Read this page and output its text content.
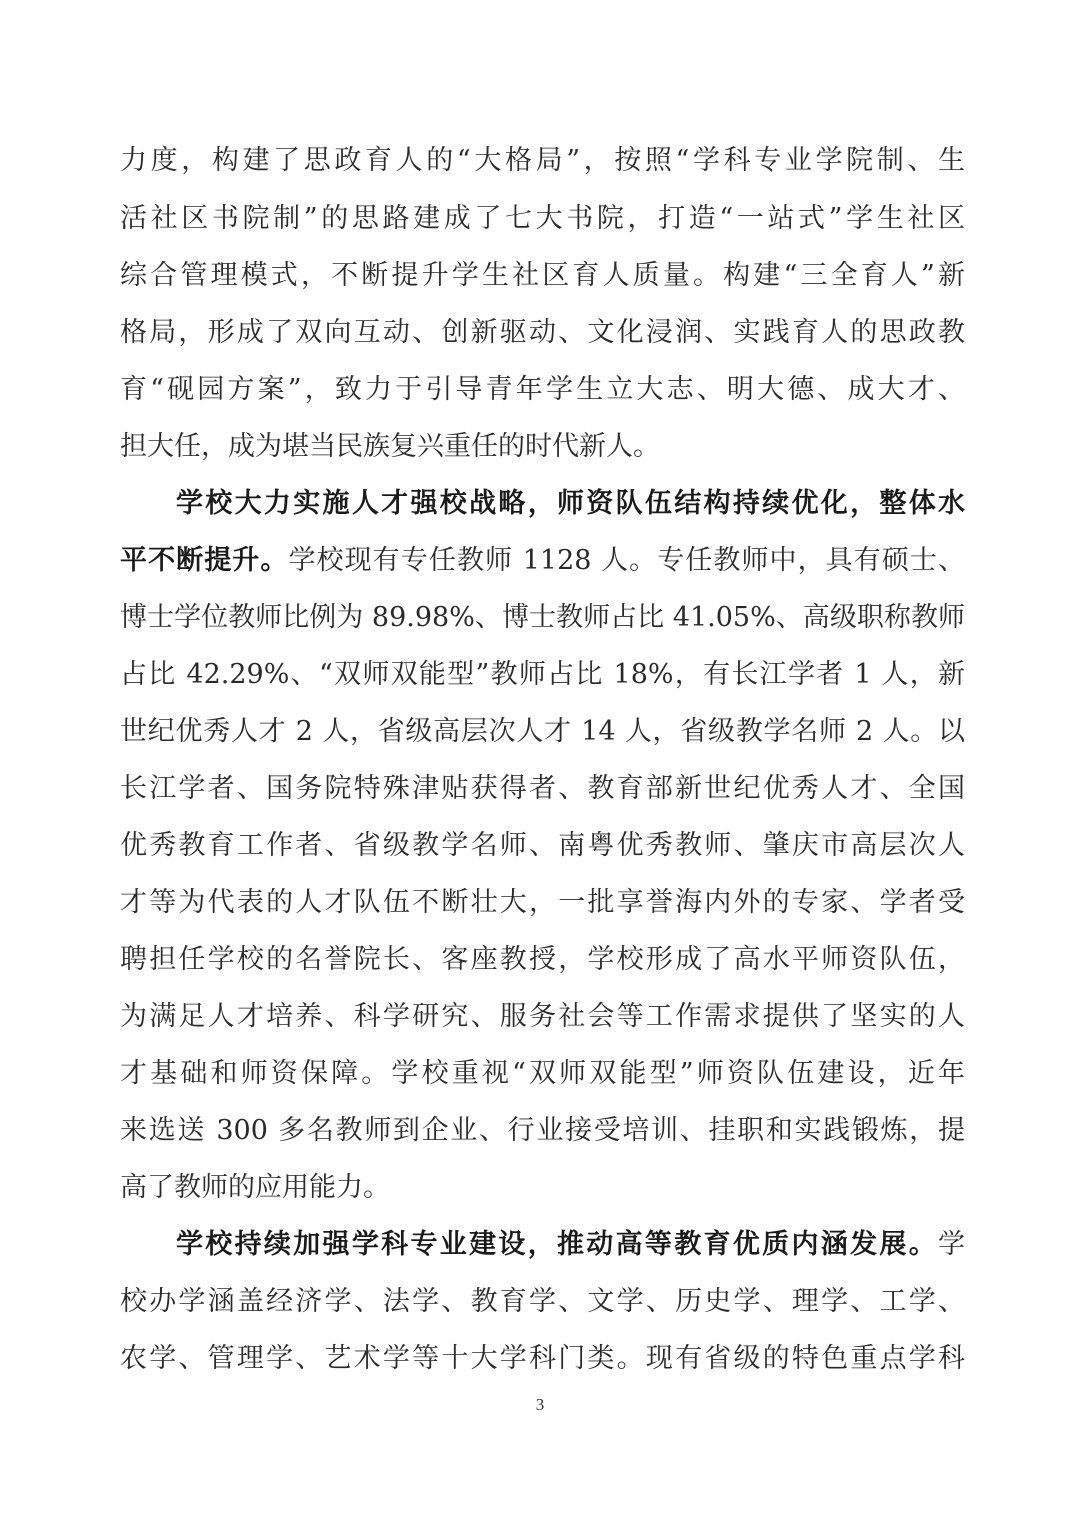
力度，构建了思政育人的“大格局”，按照“学科专业学院制、生
活社区书院制”的思路建成了七大书院，打造“一站式”学生社区
综合管理模式，不断提升学生社区育人质量。构建“三全育人”新
格局，形成了双向互动、创新驱动、文化浸润、实践育人的思政教
育“砚园方案”，致力于引导青年学生立大志、明大德、成大才、
担大任，成为堪当民族复兴重任的时代新人。
学校大力实施人才强校战略，师资队伍结构持续优化，整体水
平不断提升。学校现有专任教师 1128 人。专任教师中，具有硕士、
博士学位教师比例为 89.98%、博士教师占比 41.05%、高级职称教师
占比 42.29%、“双师双能型”教师占比 18%，有长江学者 1 人，新
世纪优秀人才 2 人，省级高层次人才 14 人，省级教学名师 2 人。以
长江学者、国务院特殊津贴获得者、教育部新世纪优秀人才、全国
优秀教育工作者、省级教学名师、南粤优秀教师、肇庆市高层次人
才等为代表的人才队伍不断壮大，一批享誉海内外的专家、学者受
聘担任学校的名誉院长、客座教授，学校形成了高水平师资队伍，
为满足人才培养、科学研究、服务社会等工作需求提供了坚实的人
才基础和师资保障。学校重视“双师双能型”师资队伍建设，近年
来选送 300 多名教师到企业、行业接受培训、挂职和实践锻炼，提
高了教师的应用能力。
学校持续加强学科专业建设，推动高等教育优质内涵发展。学
校办学涵盖经济学、法学、教育学、文学、历史学、理学、工学、
农学、管理学、艺术学等十大学科门类。现有省级的特色重点学科
3
